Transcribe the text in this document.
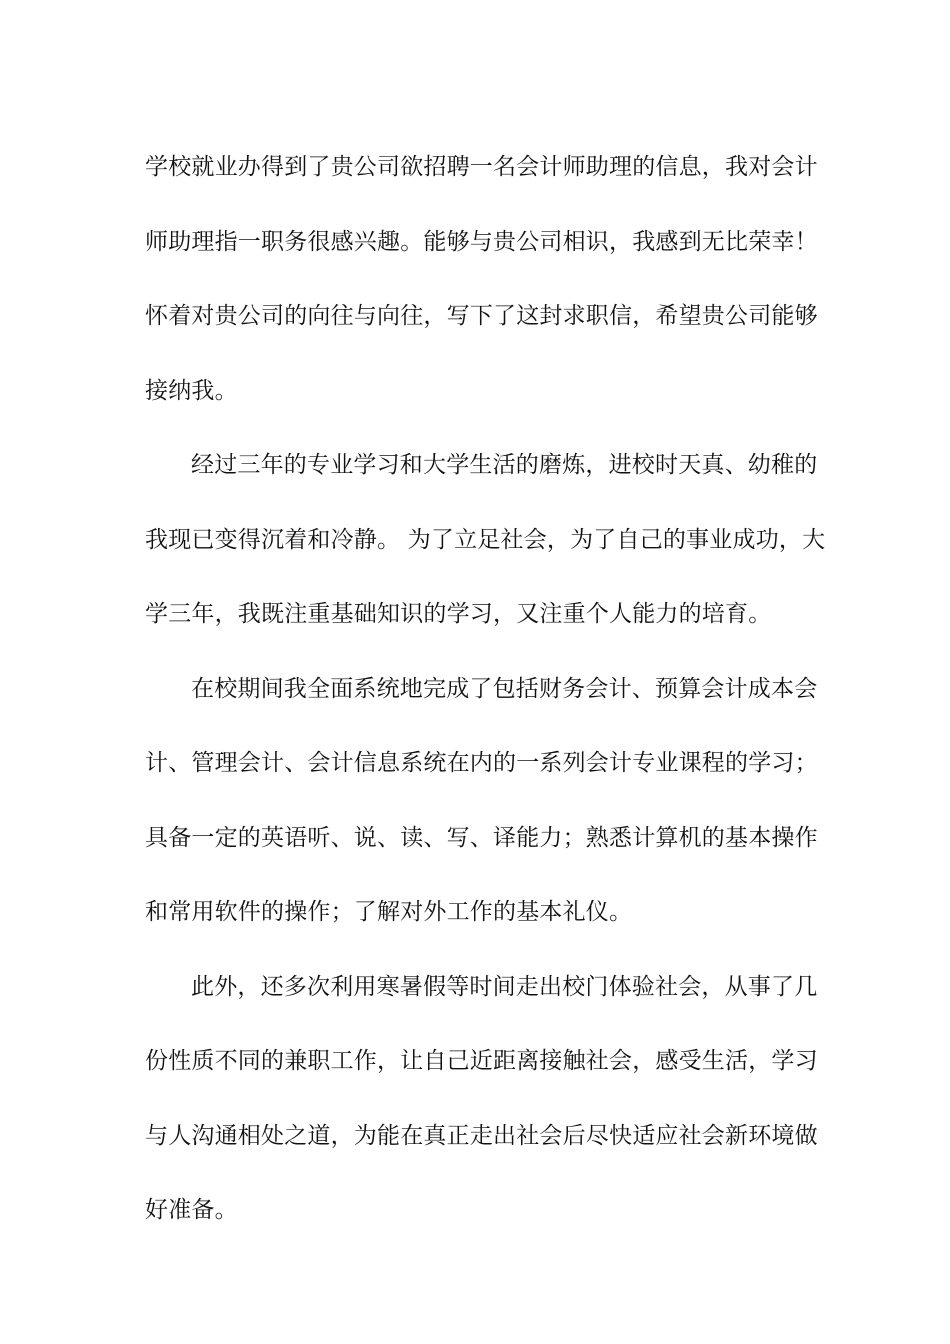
学校就业办得到了贵公司欲招聘一名会计师助理的信息，我对会计
师助理指一职务很感兴趣。能够与贵公司相识，我感到无比荣幸！
怀着对贵公司的向往与向往，写下了这封求职信，希望贵公司能够
接纳我。

经过三年的专业学习和大学生活的磨炼，进校时天真、幼稚的
我现已变得沉着和冷静。 为了立足社会，为了自己的事业成功，大
学三年，我既注重基础知识的学习，又注重个人能力的培育。

在校期间我全面系统地完成了包括财务会计、预算会计成本会
计、管理会计、会计信息系统在内的一系列会计专业课程的学习；
具备一定的英语听、说、读、写、译能力；熟悉计算机的基本操作
和常用软件的操作；了解对外工作的基本礼仪。

此外，还多次利用寒暑假等时间走出校门体验社会，从事了几
份性质不同的兼职工作，让自己近距离接触社会，感受生活，学习
与人沟通相处之道，为能在真正走出社会后尽快适应社会新环境做
好准备。
